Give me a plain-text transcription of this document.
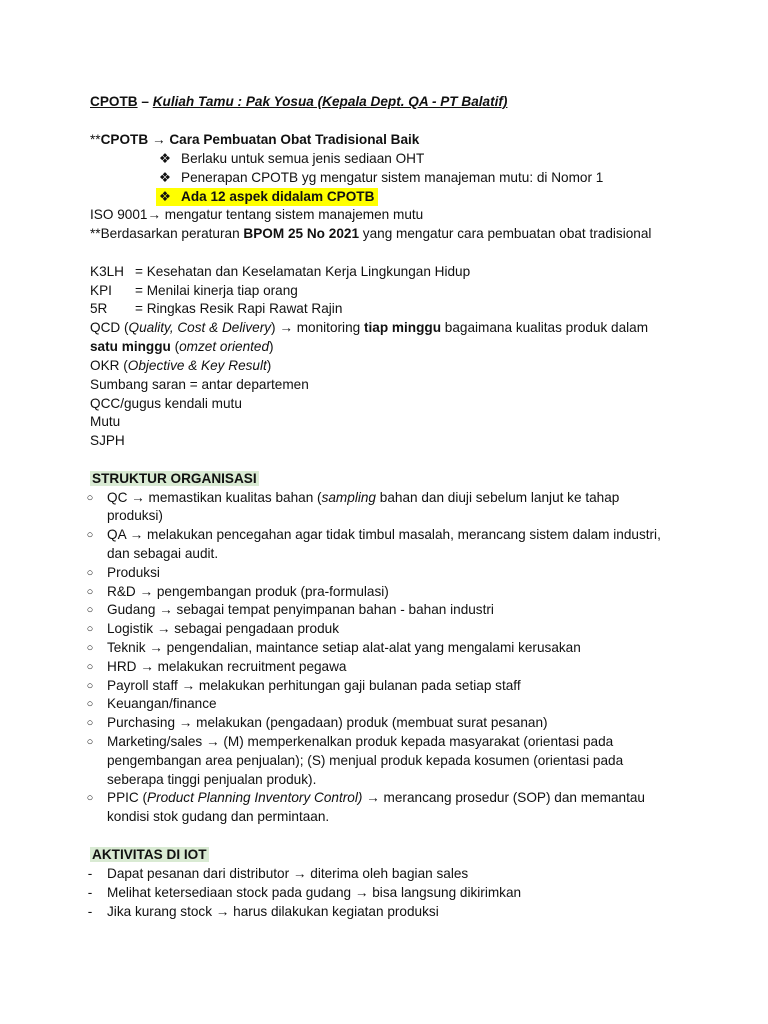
CPOTB – Kuliah Tamu : Pak Yosua (Kepala Dept. QA - PT Balatif)
**CPOTB → Cara Pembuatan Obat Tradisional Baik
❖ Berlaku untuk semua jenis sediaan OHT
❖ Penerapan CPOTB yg mengatur sistem manajeman mutu: di Nomor 1
❖ Ada 12 aspek didalam CPOTB
ISO 9001→ mengatur tentang sistem manajemen mutu
**Berdasarkan peraturan BPOM 25 No 2021 yang mengatur cara pembuatan obat tradisional
K3LH = Kesehatan dan Keselamatan Kerja Lingkungan Hidup
KPI = Menilai kinerja tiap orang
5R = Ringkas Resik Rapi Rawat Rajin
QCD (Quality, Cost & Delivery) → monitoring tiap minggu bagaimana kualitas produk dalam
satu minggu (omzet oriented)
OKR (Objective & Key Result)
Sumbang saran = antar departemen
QCC/gugus kendali mutu
Mutu
SJPH
STRUKTUR ORGANISASI
○ QC → memastikan kualitas bahan (sampling bahan dan diuji sebelum lanjut ke tahap
produksi)
○ QA → melakukan pencegahan agar tidak timbul masalah, merancang sistem dalam industri,
dan sebagai audit.
○ Produksi
○ R&D → pengembangan produk (pra-formulasi)
○ Gudang → sebagai tempat penyimpanan bahan - bahan industri
○ Logistik → sebagai pengadaan produk
○ Teknik → pengendalian, maintance setiap alat-alat yang mengalami kerusakan
○ HRD → melakukan recruitment pegawa
○ Payroll staff → melakukan perhitungan gaji bulanan pada setiap staff
○ Keuangan/finance
○ Purchasing → melakukan (pengadaan) produk (membuat surat pesanan)
○ Marketing/sales → (M) memperkenalkan produk kepada masyarakat (orientasi pada
pengembangan area penjualan); (S) menjual produk kepada kosumen (orientasi pada
seberapa tinggi penjualan produk).
○ PPIC (Product Planning Inventory Control) → merancang prosedur (SOP) dan memantau
kondisi stok gudang dan permintaan.
AKTIVITAS DI IOT
- Dapat pesanan dari distributor → diterima oleh bagian sales
- Melihat ketersediaan stock pada gudang → bisa langsung dikirimkan
- Jika kurang stock → harus dilakukan kegiatan produksi
